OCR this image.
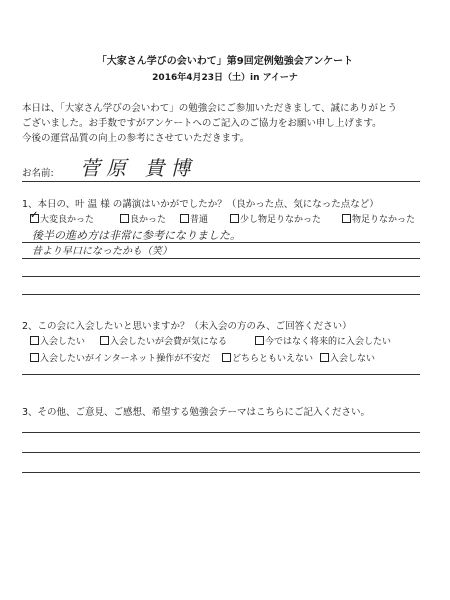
「大家さん学びの会いわて」第9回定例勉強会アンケート
2016年4月23日（土）in アイーナ
本日は、「大家さん学びの会いわて」の勉強会にご参加いただきまして、誠にありがとう
ございました。お手数ですがアンケートへのご記入のご協力をお願い申し上げます。
今後の運営品質の向上の参考にさせていただきます。
お名前: 菅原 貴博
1、本日の、叶 温 様 の講演はいかがでしたか？（良かった点、気になった点など）
✓大変良かった	良かった	普通	少し物足りなかった	物足りなかった
後半の進め方は非常に参考になりました。
昔より早口になったかも（笑）
2、この会に入会したいと思いますか？（未入会の方のみ、ご回答ください）
入会したい	入会したいが会費が気になる	今ではなく将来的に入会したい
入会したいがインターネット操作が不安だ	どちらともいえない	入会しない
3、その他、ご意見、ご感想、希望する勉強会テーマはこちらにご記入ください。
